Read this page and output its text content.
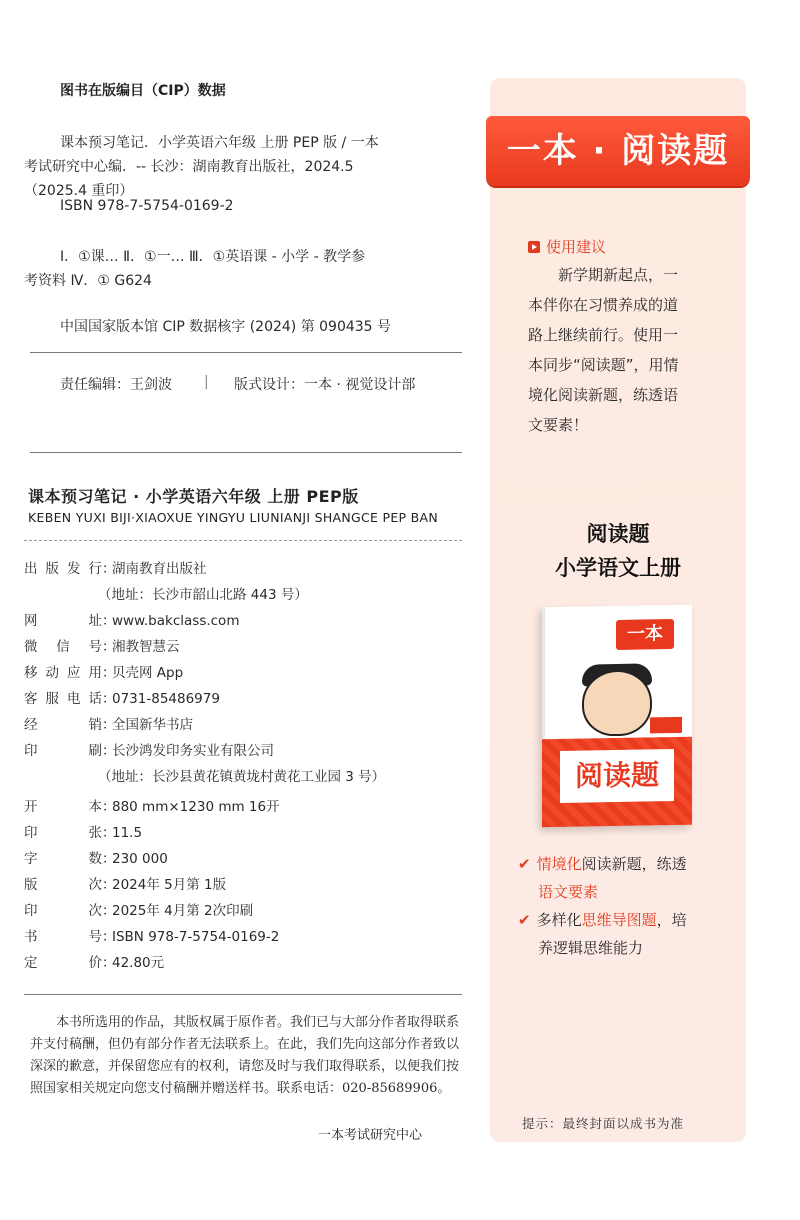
图书在版编目（CIP）数据
课本预习笔记．小学英语六年级 上册 PEP 版 / 一本
考试研究中心编．-- 长沙：湖南教育出版社，2024.5
（2025.4 重印）
ISBN 978-7-5754-0169-2
Ⅰ．①课… Ⅱ．①一… Ⅲ．①英语课 - 小学 - 教学参
考资料 Ⅳ．① G624
中国国家版本馆 CIP 数据核字 (2024) 第 090435 号
责任编辑：王剑波 | 版式设计：一本 · 视觉设计部
课本预习笔记 · 小学英语六年级 上册 PEP版
KEBEN YUXI BIJI·XIAOXUE YINGYU LIUNIANJI SHANGCE PEP BAN
出版发行：湖南教育出版社
（地址：长沙市韶山北路 443 号）
网址：www.bakclass.com
微信号：湘教智慧云
移动应用：贝壳网 App
客服电话：0731-85486979
经销：全国新华书店
印刷：长沙鸿发印务实业有限公司
（地址：长沙县黄花镇黄垅村黄花工业园 3 号）
开本：880 mm×1230 mm 16开
印张：11.5
字数：230 000
版次：2024年 5月第 1版
印次：2025年 4月第 2次印刷
书号：ISBN 978-7-5754-0169-2
定价：42.80元

本书所选用的作品，其版权属于原作者。我们已与大部分作者取得联系并支付稿酬，但仍有部分作者无法联系上。在此，我们先向这部分作者致以深深的歉意，并保留您应有的权利，请您及时与我们取得联系，以便我们按照国家相关规定向您支付稿酬并赠送样书。联系电话：020-85689906。

一本考试研究中心
一本 · 阅读题
使用建议
新学期新起点，一
本伴你在习惯养成的道
路上继续前行。使用一
本同步“阅读题”，用情
境化阅读新题，练透语
文要素！
阅读题
小学语文上册
一本
阅读题
✔ 情境化阅读新题，练透
语文要素
✔ 多样化思维导图题，培
养逻辑思维能力
提示：最终封面以成书为准
